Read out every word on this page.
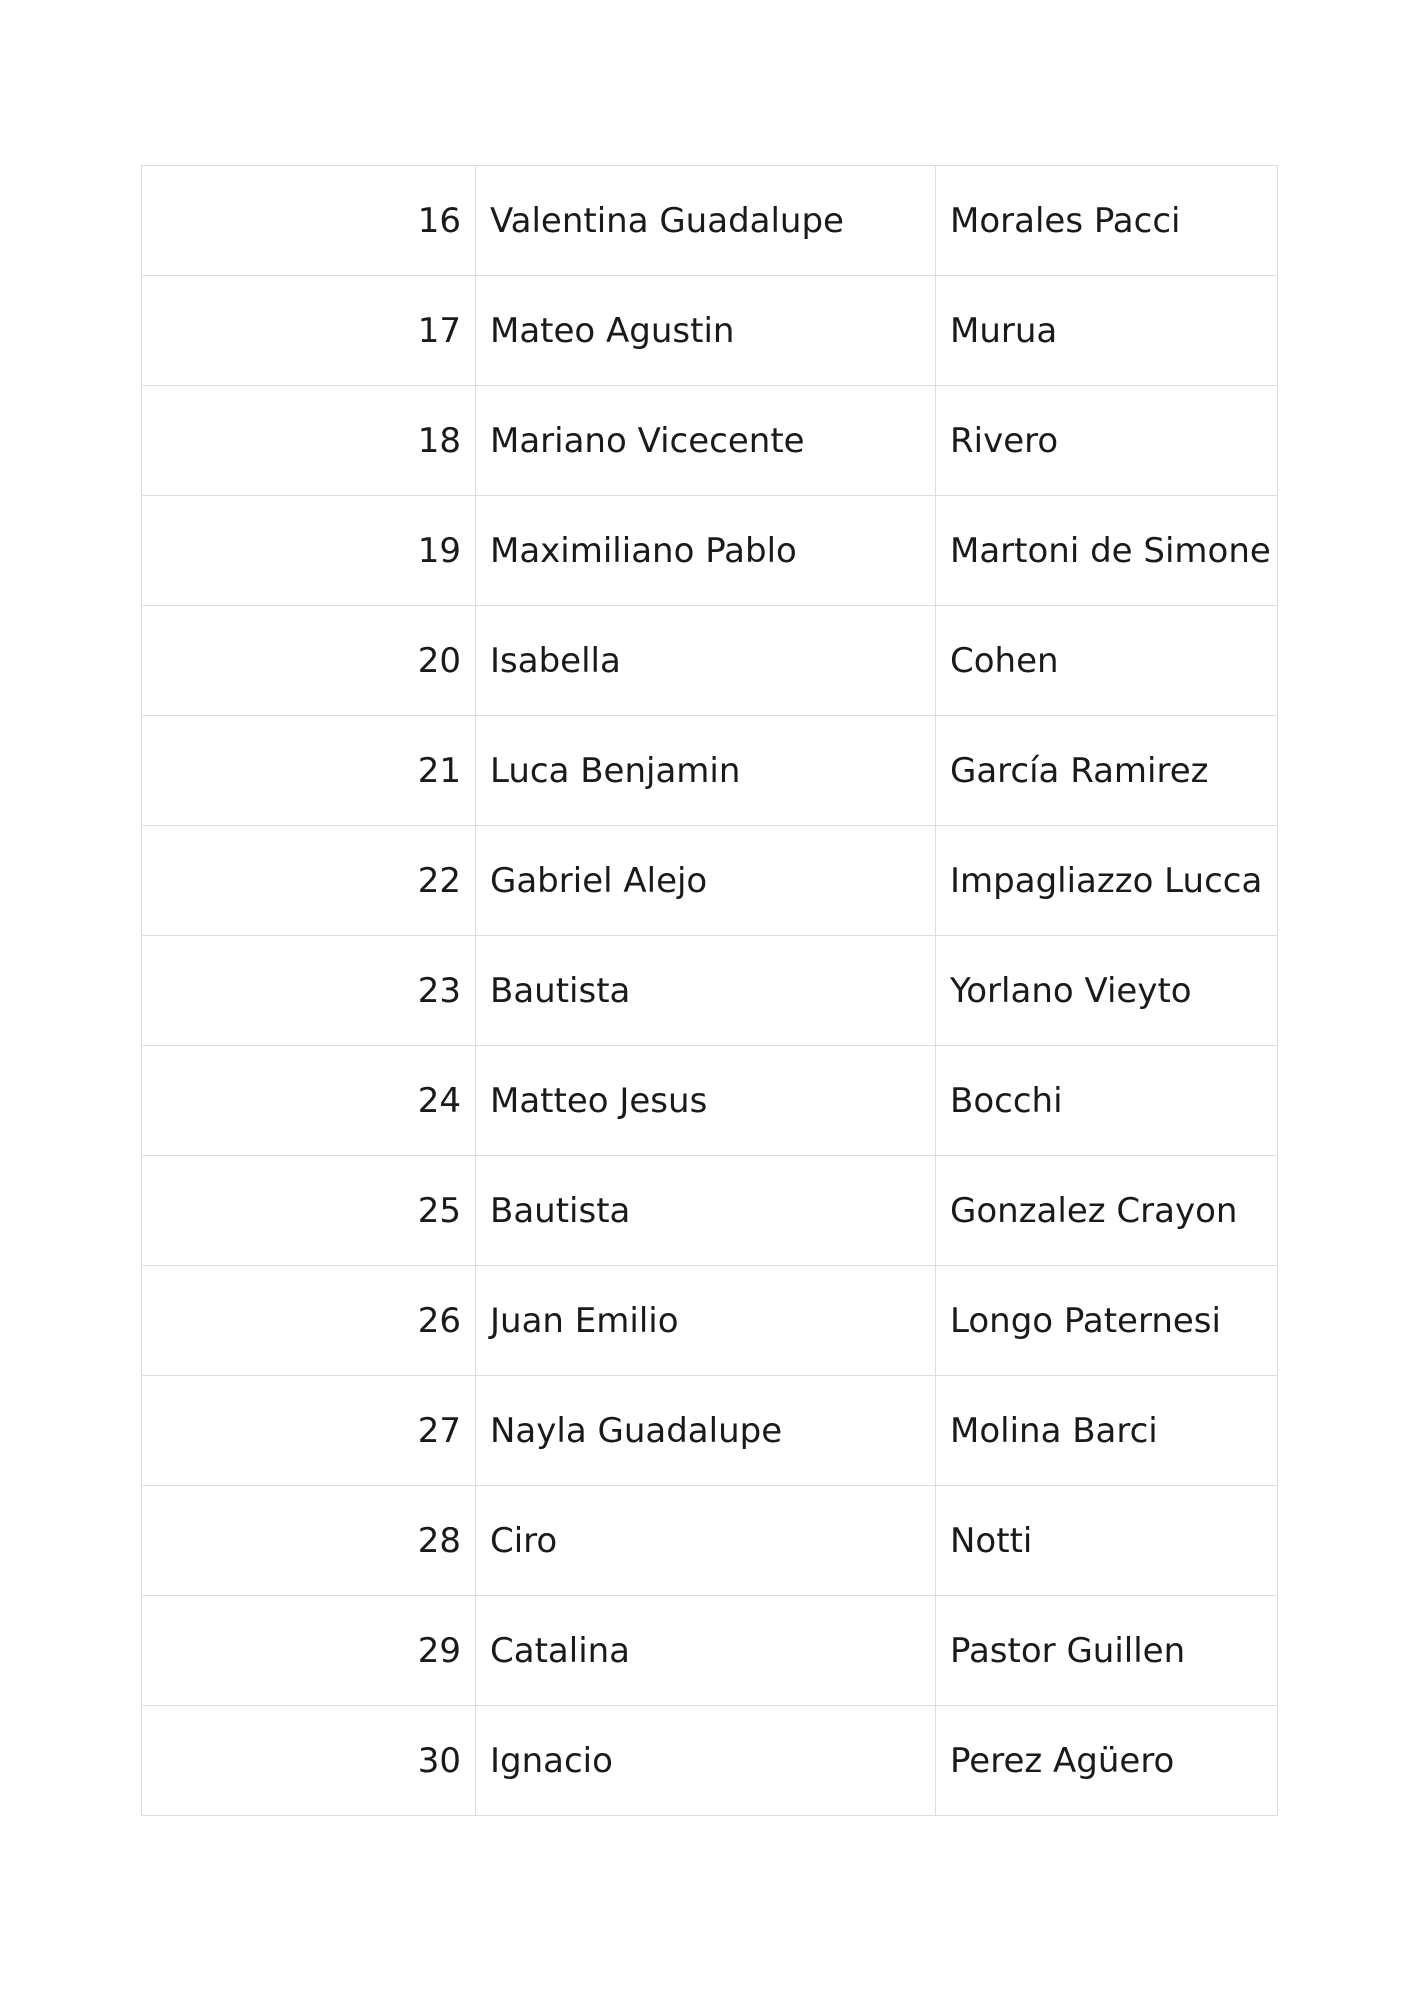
16	Valentina Guadalupe	Morales Pacci
17	Mateo Agustin	Murua
18	Mariano Vicecente	Rivero
19	Maximiliano Pablo	Martoni de Simone
20	Isabella	Cohen
21	Luca Benjamin	García Ramirez
22	Gabriel Alejo	Impagliazzo Lucca
23	Bautista	Yorlano Vieyto
24	Matteo Jesus	Bocchi
25	Bautista	Gonzalez Crayon
26	Juan Emilio	Longo Paternesi
27	Nayla Guadalupe	Molina Barci
28	Ciro	Notti
29	Catalina	Pastor Guillen
30	Ignacio	Perez Agüero
